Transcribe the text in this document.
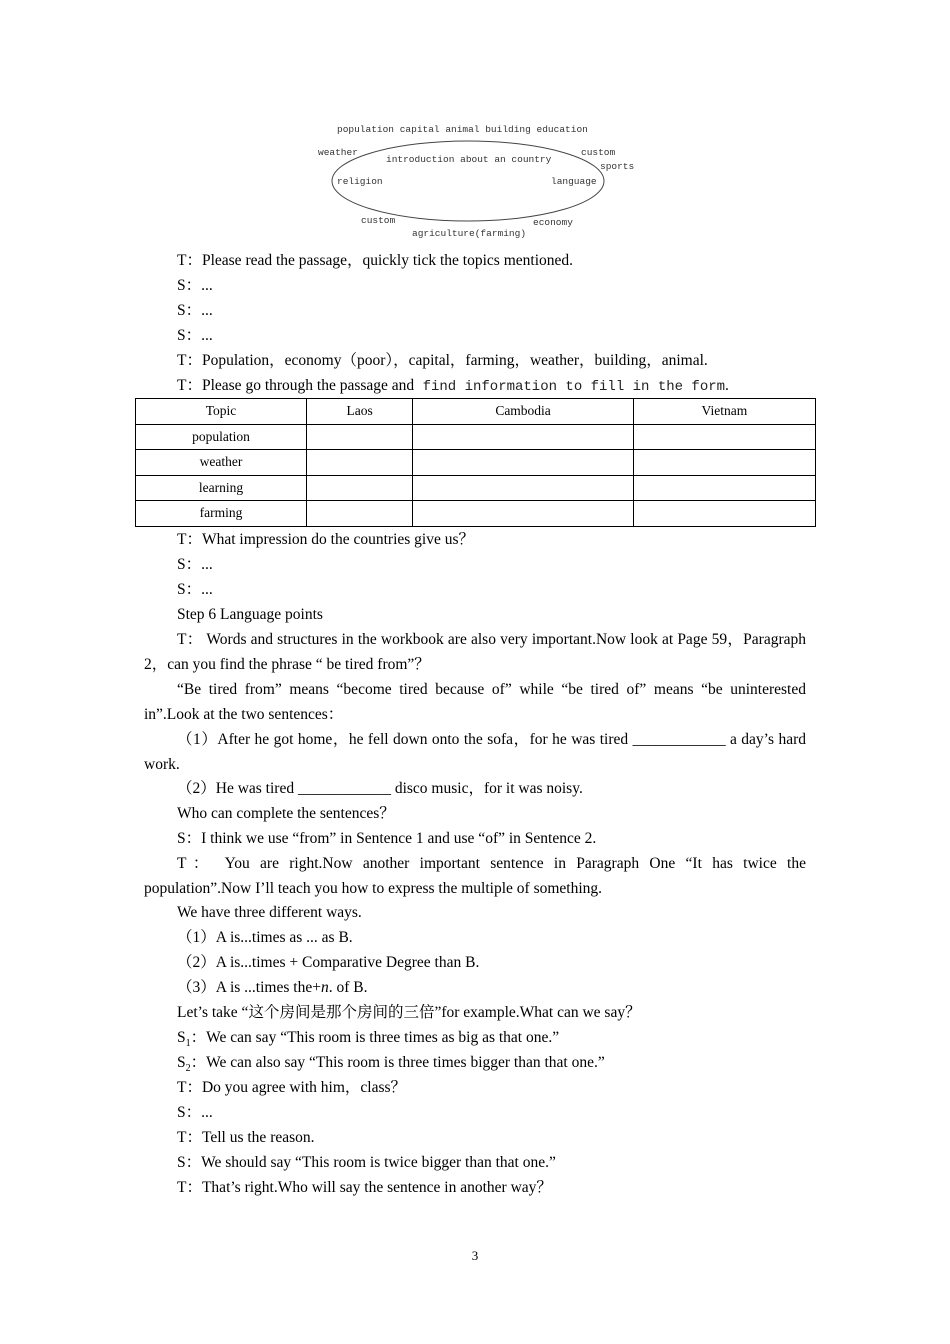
population capital animal building education
weather
introduction about an country
custom
sports
religion	language
custom	economy
agriculture(farming)
T：Please read the passage，quickly tick the topics mentioned.
S：...
S：...
S：...
T：Population，economy（poor），capital，farming，weather，building，animal.
T：Please go through the passage and find information to fill in the form.
Topic	Laos	Cambodia	Vietnam
population			
weather			
learning			
farming			
T：What impression do the countries give us？
S：...
S：...
Step 6 Language points
T： Words and structures in the workbook are also very important.Now look at Page 59，Paragraph 2，can you find the phrase “ be tired from”？
“Be tired from” means “become tired because of” while “be tired of” means “be uninterested in”.Look at the two sentences：
（1）After he got home，he fell down onto the sofa，for he was tired ____________ a day’s hard work.
（2）He was tired ____________ disco music，for it was noisy.
Who can complete the sentences？
S：I think we use “from” in Sentence 1 and use “of” in Sentence 2.
T： You are right.Now another important sentence in Paragraph One “It has twice the population”.Now I’ll teach you how to express the multiple of something.
We have three different ways.
（1）A is...times as ... as B.
（2）A is...times + Comparative Degree than B.
（3）A is ...times the+n. of B.
Let’s take “这个房间是那个房间的三倍”for example.What can we say？
$S_1$：We can say “This room is three times as big as that one.”
$S_2$：We can also say “This room is three times bigger than that one.”
T：Do you agree with him，class？
S：...
T：Tell us the reason.
S：We should say “This room is twice bigger than that one.”
T：That’s right.Who will say the sentence in another way？
3
